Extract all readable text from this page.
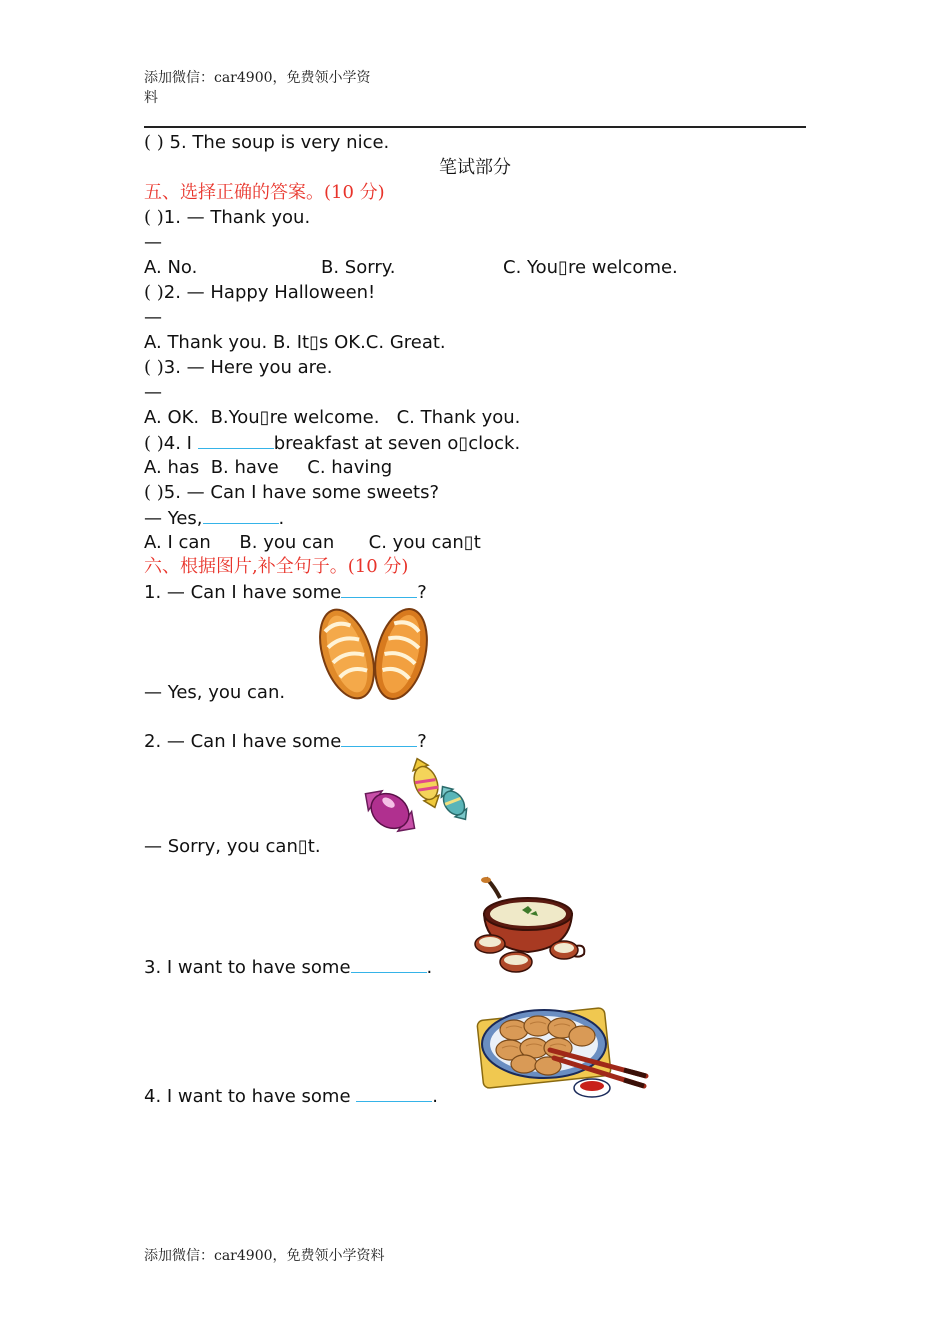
添加微信：car4900，免费领小学资
料
( ) 5. The soup is very nice.
笔试部分
五、选择正确的答案。(10 分)
( )1. — Thank you.
—
A. No.	B. Sorry.	C. You▯re welcome.
( )2. — Happy Halloween!
—
A. Thank you. B. It▯s OK.C. Great.
( )3. — Here you are.
—
A. OK.  B.You▯re welcome.   C. Thank you.
( )4. I	breakfast at seven o▯clock.
A. has  B. have     C. having
( )5. — Can I have some sweets?
— Yes,	.
A. I can     B. you can      C. you can▯t
六、根据图片,补全句子。(10 分)
1. — Can I have some	?
— Yes, you can.
2. — Can I have some	?
— Sorry, you can▯t.
3. I want to have some	.
4. I want to have some	.
添加微信：car4900，免费领小学资料
